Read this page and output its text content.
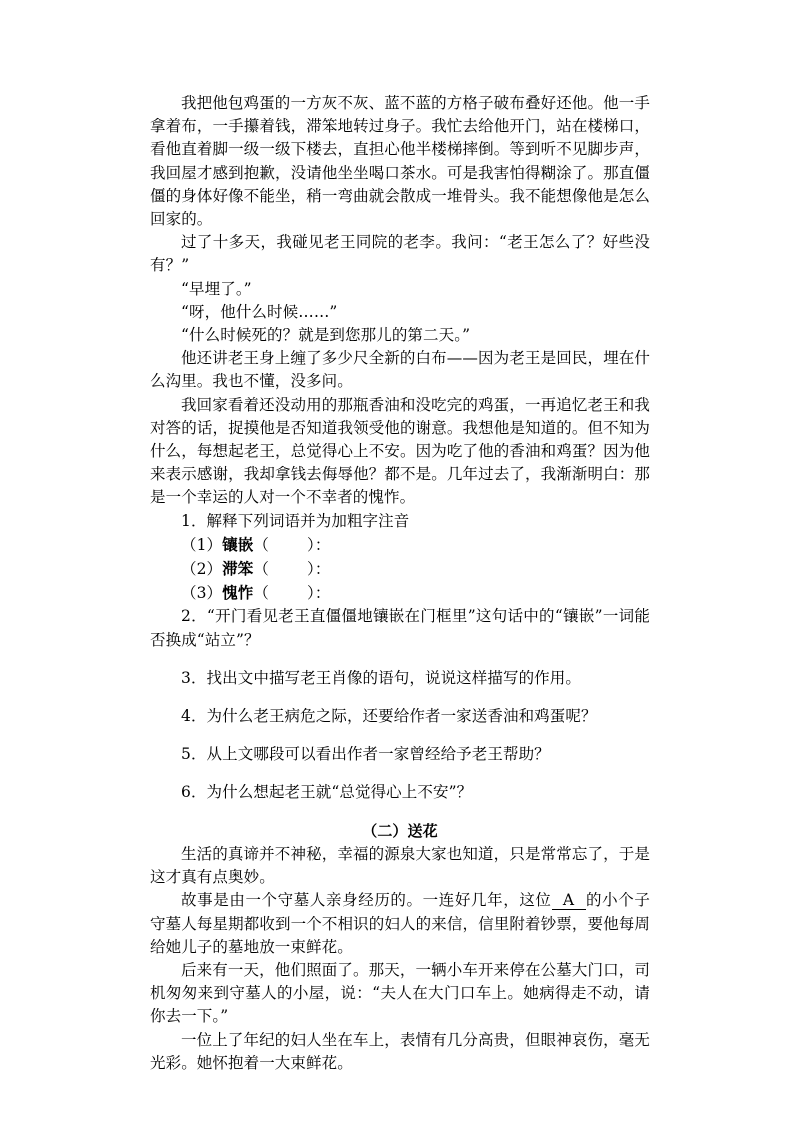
我把他包鸡蛋的一方灰不灰、蓝不蓝的方格子破布叠好还他。他一手拿着布，一手攥着钱，滞笨地转过身子。我忙去给他开门，站在楼梯口，看他直着脚一级一级下楼去，直担心他半楼梯摔倒。等到听不见脚步声，我回屋才感到抱歉，没请他坐坐喝口茶水。可是我害怕得糊涂了。那直僵僵的身体好像不能坐，稍一弯曲就会散成一堆骨头。我不能想像他是怎么回家的。

过了十多天，我碰见老王同院的老李。我问：“老王怎么了？好些没有？”

“早埋了。”

“呀，他什么时候……”

“什么时候死的？就是到您那儿的第二天。”

他还讲老王身上缠了多少尺全新的白布——因为老王是回民，埋在什么沟里。我也不懂，没多问。

我回家看着还没动用的那瓶香油和没吃完的鸡蛋，一再追忆老王和我对答的话，捉摸他是否知道我领受他的谢意。我想他是知道的。但不知为什么，每想起老王，总觉得心上不安。因为吃了他的香油和鸡蛋？因为他来表示感谢，我却拿钱去侮辱他？都不是。几年过去了，我渐渐明白：那是一个幸运的人对一个不幸者的愧怍。

1．解释下列词语并为加粗字注音

（1）镶嵌（ ）：

（2）滞笨（ ）：

（3）愧怍（ ）：

2．“开门看见老王直僵僵地镶嵌在门框里”这句话中的“镶嵌”一词能否换成“站立”？

3．找出文中描写老王肖像的语句，说说这样描写的作用。

4．为什么老王病危之际，还要给作者一家送香油和鸡蛋呢？

5．从上文哪段可以看出作者一家曾经给予老王帮助？

6．为什么想起老王就“总觉得心上不安”？

（二）送花

生活的真谛并不神秘，幸福的源泉大家也知道，只是常常忘了，于是这才真有点奥妙。

故事是由一个守墓人亲身经历的。一连好几年，这位 A 的小个子守墓人每星期都收到一个不相识的妇人的来信，信里附着钞票，要他每周给她儿子的墓地放一束鲜花。

后来有一天，他们照面了。那天，一辆小车开来停在公墓大门口，司机匆匆来到守墓人的小屋，说：“夫人在大门口车上。她病得走不动，请你去一下。”

一位上了年纪的妇人坐在车上，表情有几分高贵，但眼神哀伤，毫无光彩。她怀抱着一大束鲜花。
